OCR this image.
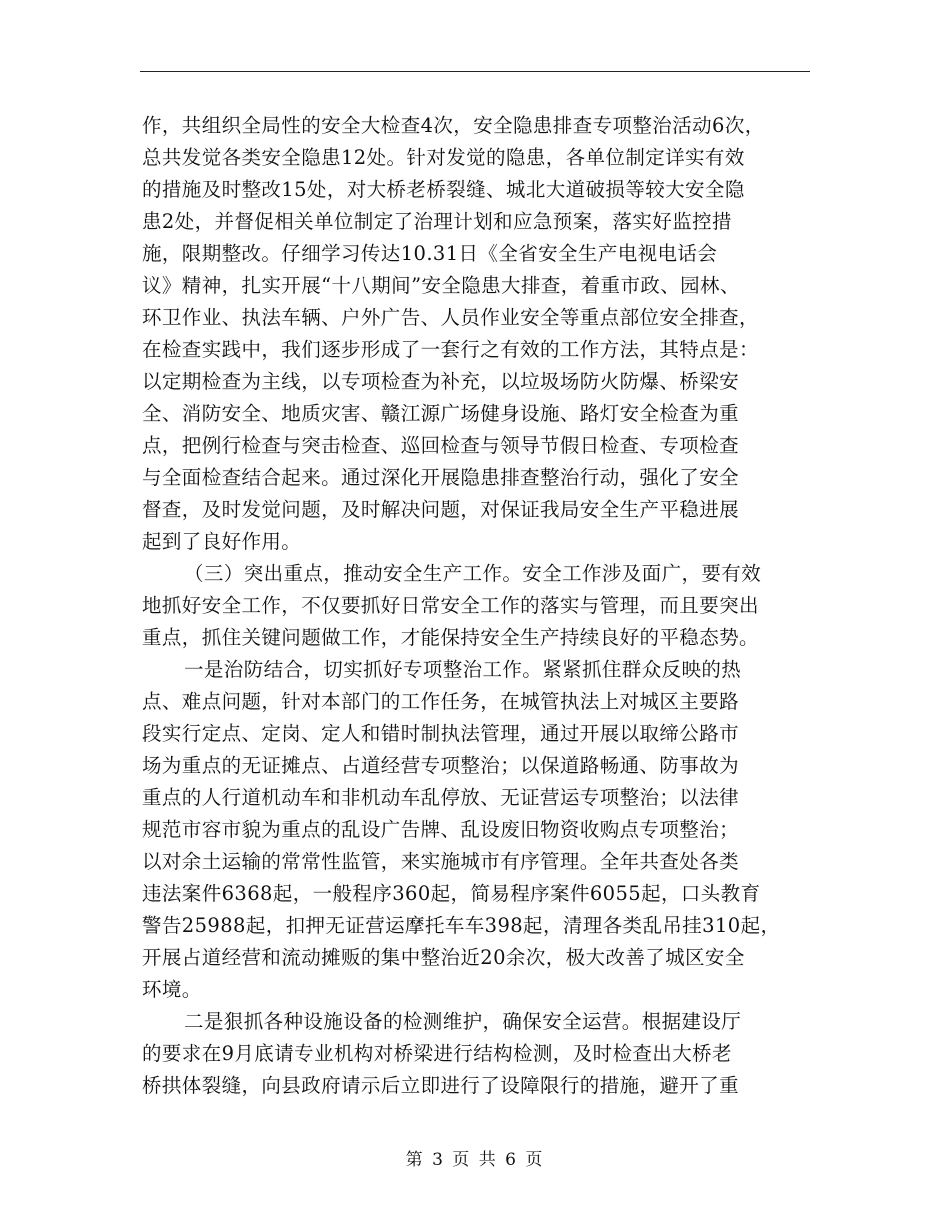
作，共组织全局性的安全大检查4次，安全隐患排查专项整治活动6次，
总共发觉各类安全隐患12处。针对发觉的隐患，各单位制定详实有效
的措施及时整改15处，对大桥老桥裂缝、城北大道破损等较大安全隐
患2处，并督促相关单位制定了治理计划和应急预案，落实好监控措
施，限期整改。仔细学习传达10.31日《全省安全生产电视电话会
议》精神，扎实开展“十八期间”安全隐患大排查，着重市政、园林、
环卫作业、执法车辆、户外广告、人员作业安全等重点部位安全排查，
在检查实践中，我们逐步形成了一套行之有效的工作方法，其特点是：
以定期检查为主线，以专项检查为补充，以垃圾场防火防爆、桥梁安
全、消防安全、地质灾害、赣江源广场健身设施、路灯安全检查为重
点，把例行检查与突击检查、巡回检查与领导节假日检查、专项检查
与全面检查结合起来。通过深化开展隐患排查整治行动，强化了安全
督查，及时发觉问题，及时解决问题，对保证我局安全生产平稳进展
起到了良好作用。
（三）突出重点，推动安全生产工作。安全工作涉及面广，要有效
地抓好安全工作，不仅要抓好日常安全工作的落实与管理，而且要突出
重点，抓住关键问题做工作，才能保持安全生产持续良好的平稳态势。
一是治防结合，切实抓好专项整治工作。紧紧抓住群众反映的热
点、难点问题，针对本部门的工作任务，在城管执法上对城区主要路
段实行定点、定岗、定人和错时制执法管理，通过开展以取缔公路市
场为重点的无证摊点、占道经营专项整治；以保道路畅通、防事故为
重点的人行道机动车和非机动车乱停放、无证营运专项整治；以法律
规范市容市貌为重点的乱设广告牌、乱设废旧物资收购点专项整治；
以对余土运输的常常性监管，来实施城市有序管理。全年共查处各类
违法案件6368起，一般程序360起，简易程序案件6055起，口头教育
警告25988起，扣押无证营运摩托车车398起，清理各类乱吊挂310起，
开展占道经营和流动摊贩的集中整治近20余次，极大改善了城区安全
环境。
二是狠抓各种设施设备的检测维护，确保安全运营。根据建设厅
的要求在9月底请专业机构对桥梁进行结构检测，及时检查出大桥老
桥拱体裂缝，向县政府请示后立即进行了设障限行的措施，避开了重
第 3 页 共 6 页
